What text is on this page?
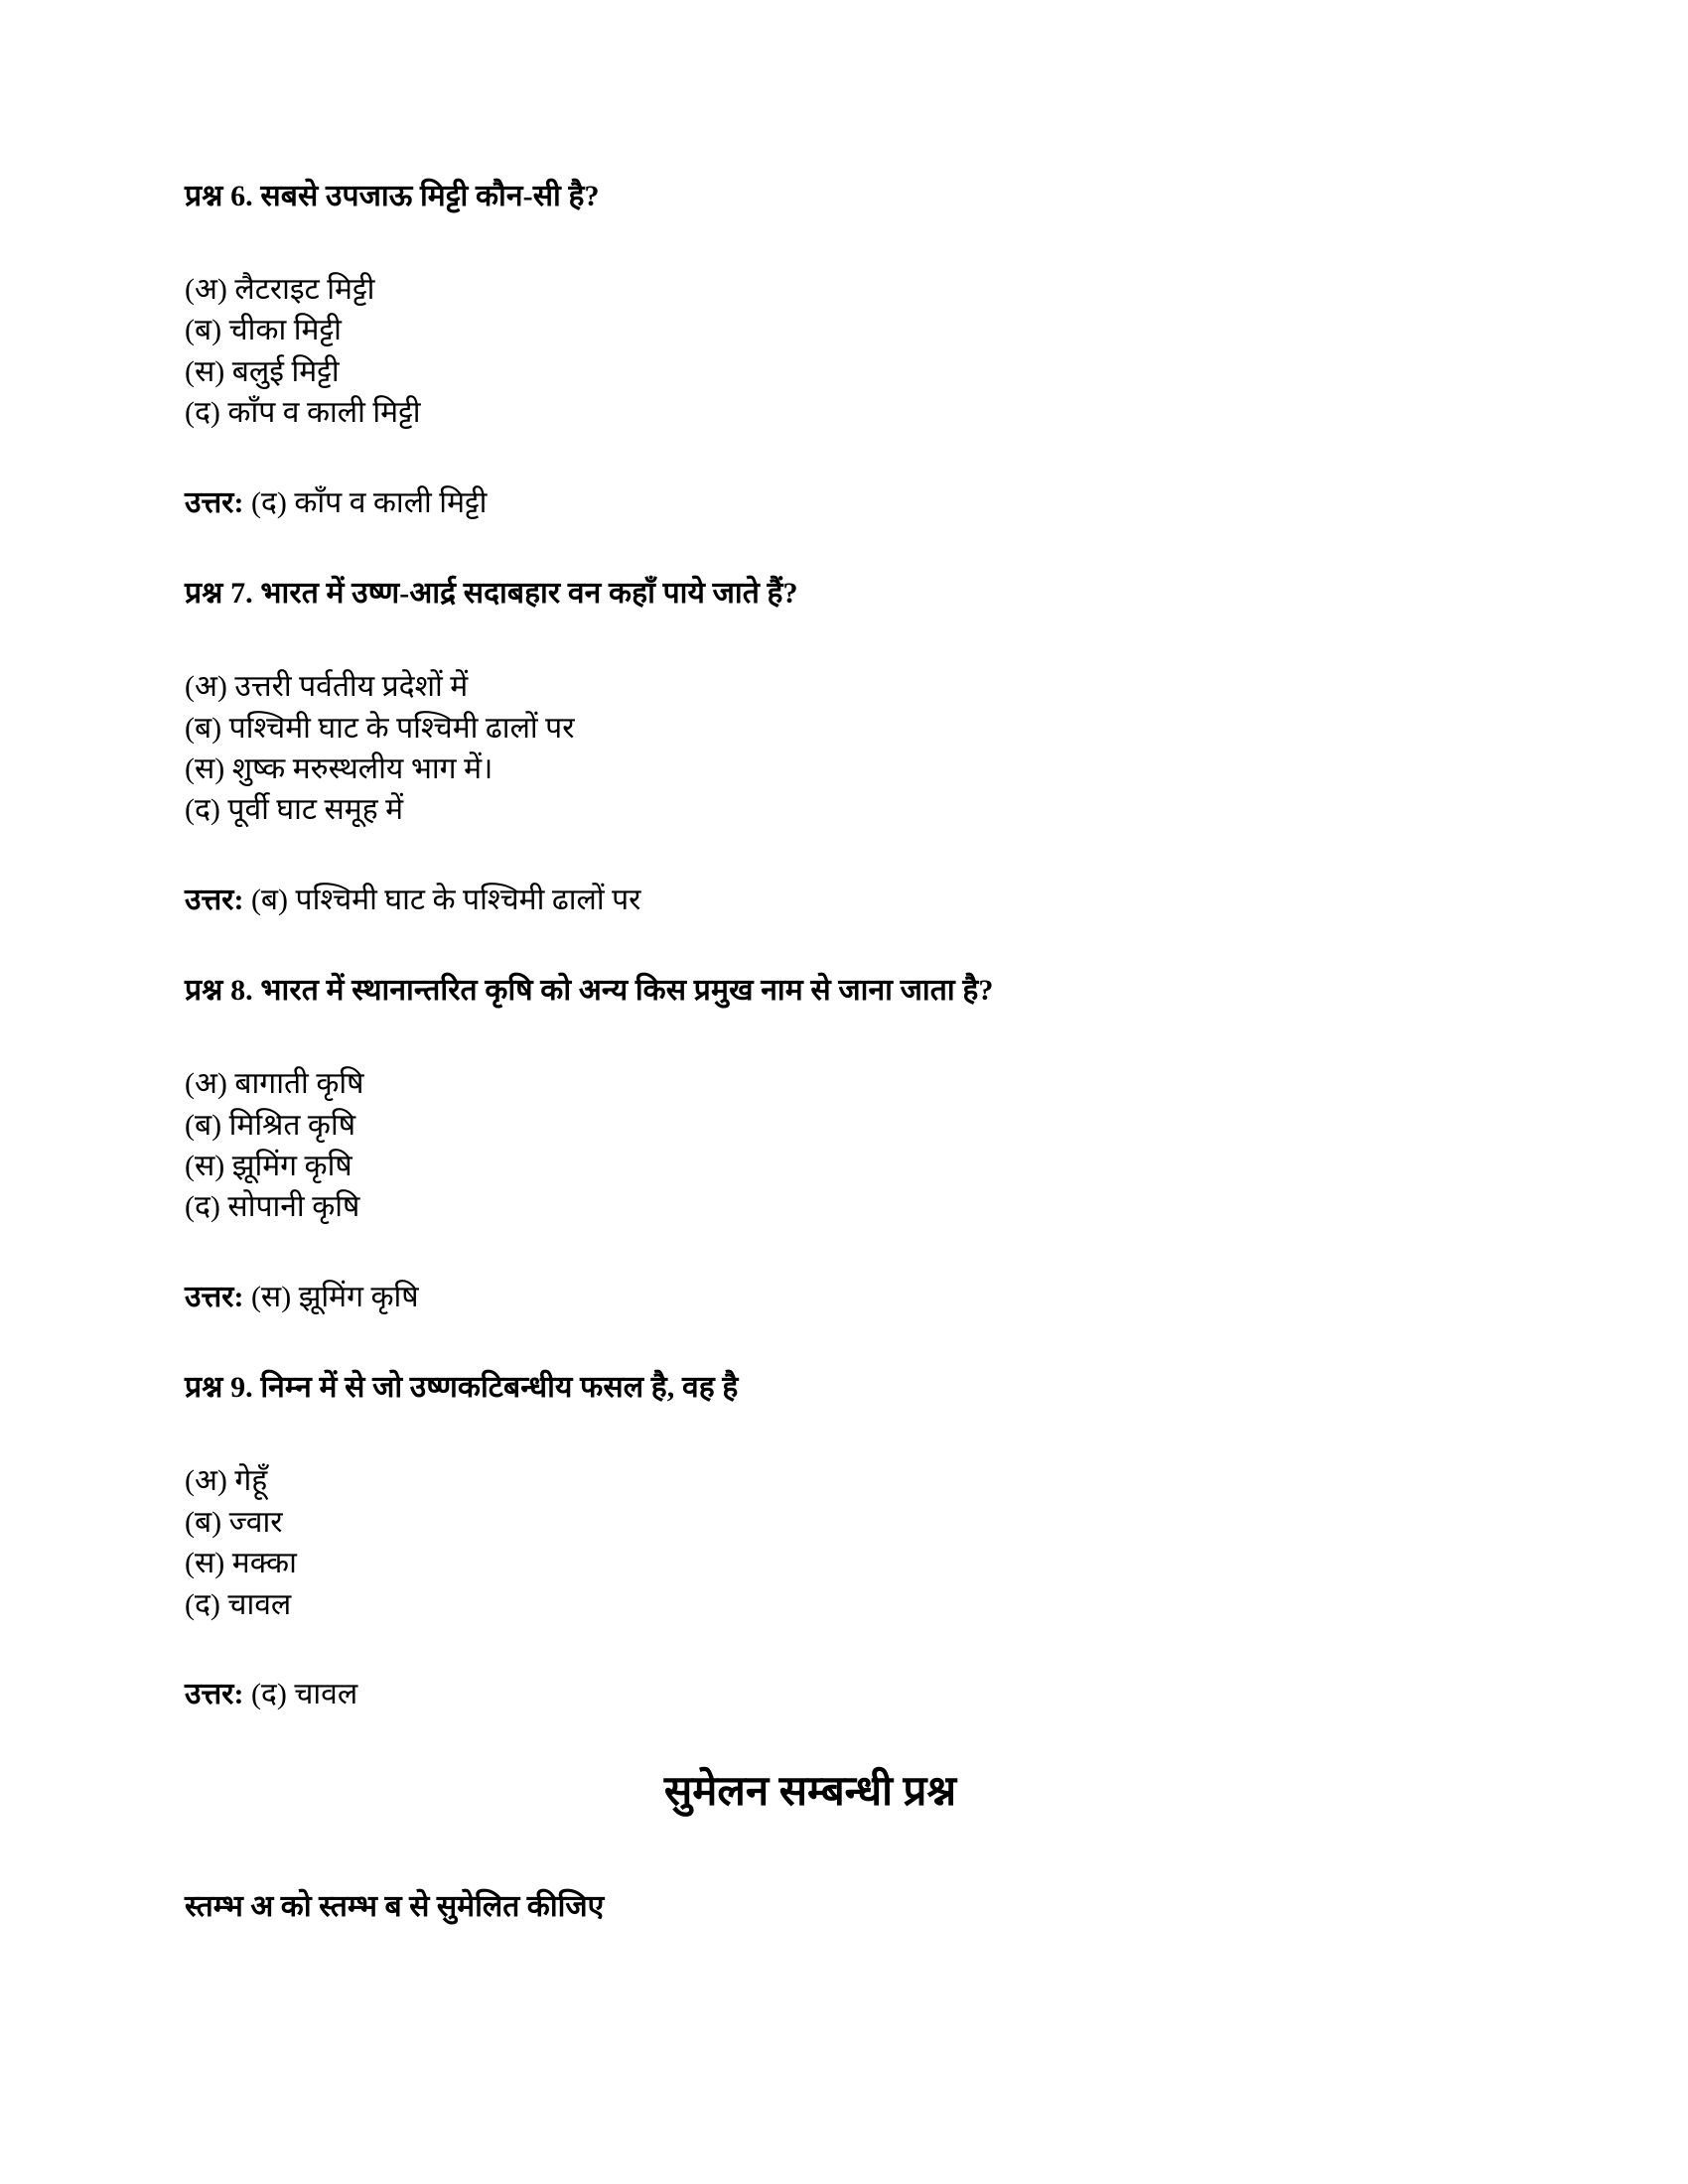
प्रश्न 6. सबसे उपजाऊ मिट्टी कौन-सी है?

(अ) लैटराइट मिट्टी

(ब) चीका मिट्टी

(स) बलुई मिट्टी

(द) काँप व काली मिट्टी

उत्तर: (द) काँप व काली मिट्टी

प्रश्न 7. भारत में उष्ण-आर्द्र सदाबहार वन कहाँ पाये जाते हैं?

(अ) उत्तरी पर्वतीय प्रदेशों में

(ब) पश्चिमी घाट के पश्चिमी ढालों पर

(स) शुष्क मरुस्थलीय भाग में।

(द) पूर्वी घाट समूह में

उत्तर: (ब) पश्चिमी घाट के पश्चिमी ढालों पर

प्रश्न 8. भारत में स्थानान्तरित कृषि को अन्य किस प्रमुख नाम से जाना जाता है?

(अ) बागाती कृषि

(ब) मिश्रित कृषि

(स) झूमिंग कृषि

(द) सोपानी कृषि

उत्तर: (स) झूमिंग कृषि

प्रश्न 9. निम्न में से जो उष्णकटिबन्धीय फसल है, वह है

(अ) गेहूँ

(ब) ज्वार

(स) मक्का

(द) चावल

उत्तर: (द) चावल

सुमेलन सम्बन्धी प्रश्न

स्तम्भ अ को स्तम्भ ब से सुमेलित कीजिए
